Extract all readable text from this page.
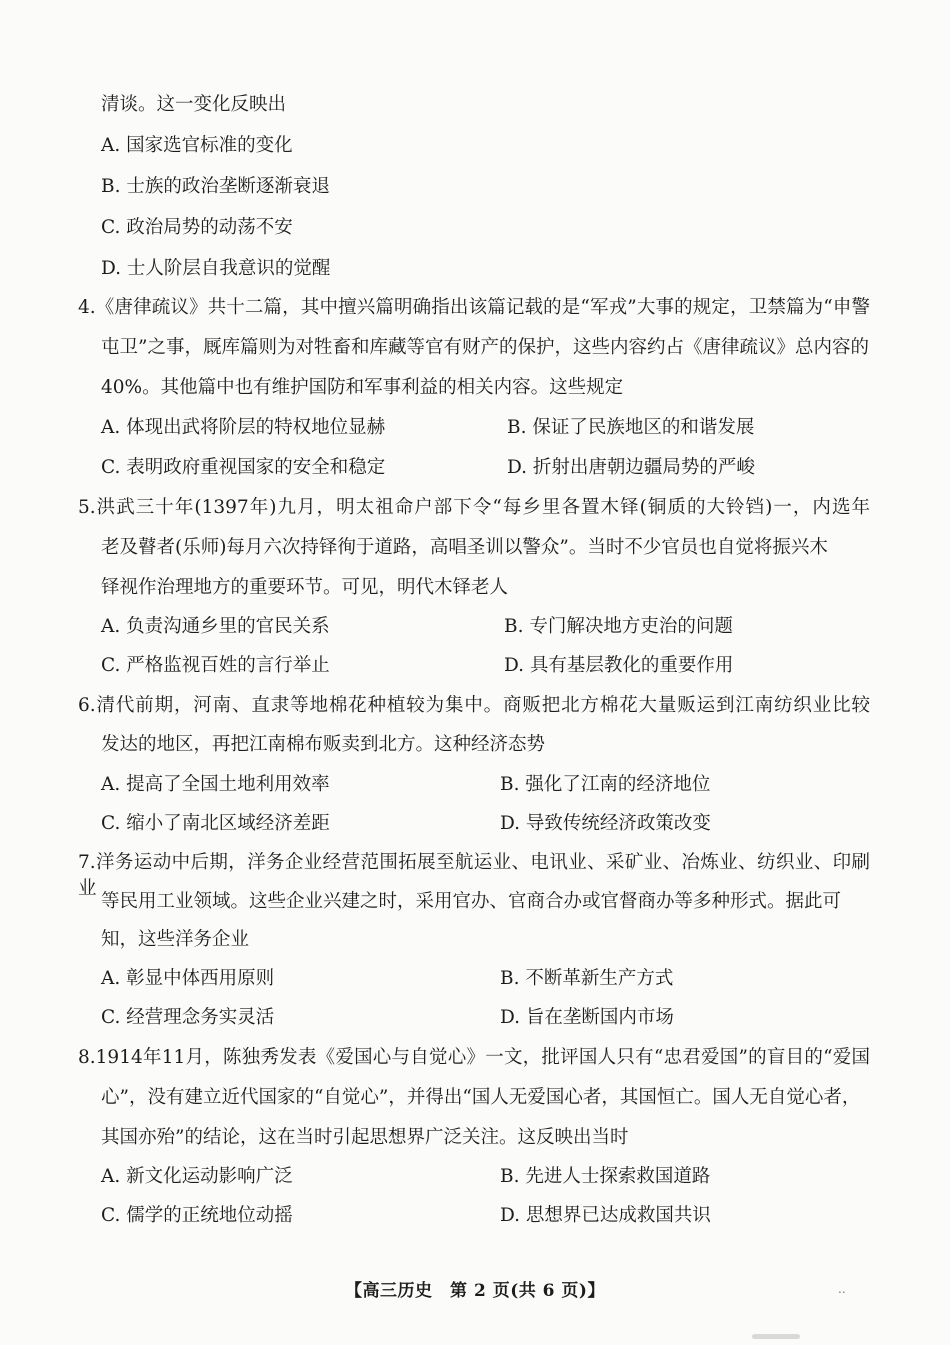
清谈。这一变化反映出
A. 国家选官标准的变化
B. 士族的政治垄断逐渐衰退
C. 政治局势的动荡不安
D. 士人阶层自我意识的觉醒
4.《唐律疏议》共十二篇，其中擅兴篇明确指出该篇记载的是“军戎”大事的规定，卫禁篇为“申警
屯卫”之事，厩库篇则为对牲畜和库藏等官有财产的保护，这些内容约占《唐律疏议》总内容的
40%。其他篇中也有维护国防和军事利益的相关内容。这些规定
A. 体现出武将阶层的特权地位显赫	B. 保证了民族地区的和谐发展
C. 表明政府重视国家的安全和稳定	D. 折射出唐朝边疆局势的严峻
5.洪武三十年(1397年)九月，明太祖命户部下令“每乡里各置木铎(铜质的大铃铛)一，内选年
老及瞽者(乐师)每月六次持铎徇于道路，高唱圣训以警众”。当时不少官员也自觉将振兴木
铎视作治理地方的重要环节。可见，明代木铎老人
A. 负责沟通乡里的官民关系	B. 专门解决地方吏治的问题
C. 严格监视百姓的言行举止	D. 具有基层教化的重要作用
6.清代前期，河南、直隶等地棉花种植较为集中。商贩把北方棉花大量贩运到江南纺织业比较
发达的地区，再把江南棉布贩卖到北方。这种经济态势
A. 提高了全国土地利用效率	B. 强化了江南的经济地位
C. 缩小了南北区域经济差距	D. 导致传统经济政策改变
7.洋务运动中后期，洋务企业经营范围拓展至航运业、电讯业、采矿业、冶炼业、纺织业、印刷业
等民用工业领域。这些企业兴建之时，采用官办、官商合办或官督商办等多种形式。据此可
知，这些洋务企业
A. 彰显中体西用原则	B. 不断革新生产方式
C. 经营理念务实灵活	D. 旨在垄断国内市场
8.1914年11月，陈独秀发表《爱国心与自觉心》一文，批评国人只有“忠君爱国”的盲目的“爱国
心”，没有建立近代国家的“自觉心”，并得出“国人无爱国心者，其国恒亡。国人无自觉心者，
其国亦殆”的结论，这在当时引起思想界广泛关注。这反映出当时
A. 新文化运动影响广泛	B. 先进人士探索救国道路
C. 儒学的正统地位动摇	D. 思想界已达成救国共识
【高三历史　第 2 页(共 6 页)】	..
